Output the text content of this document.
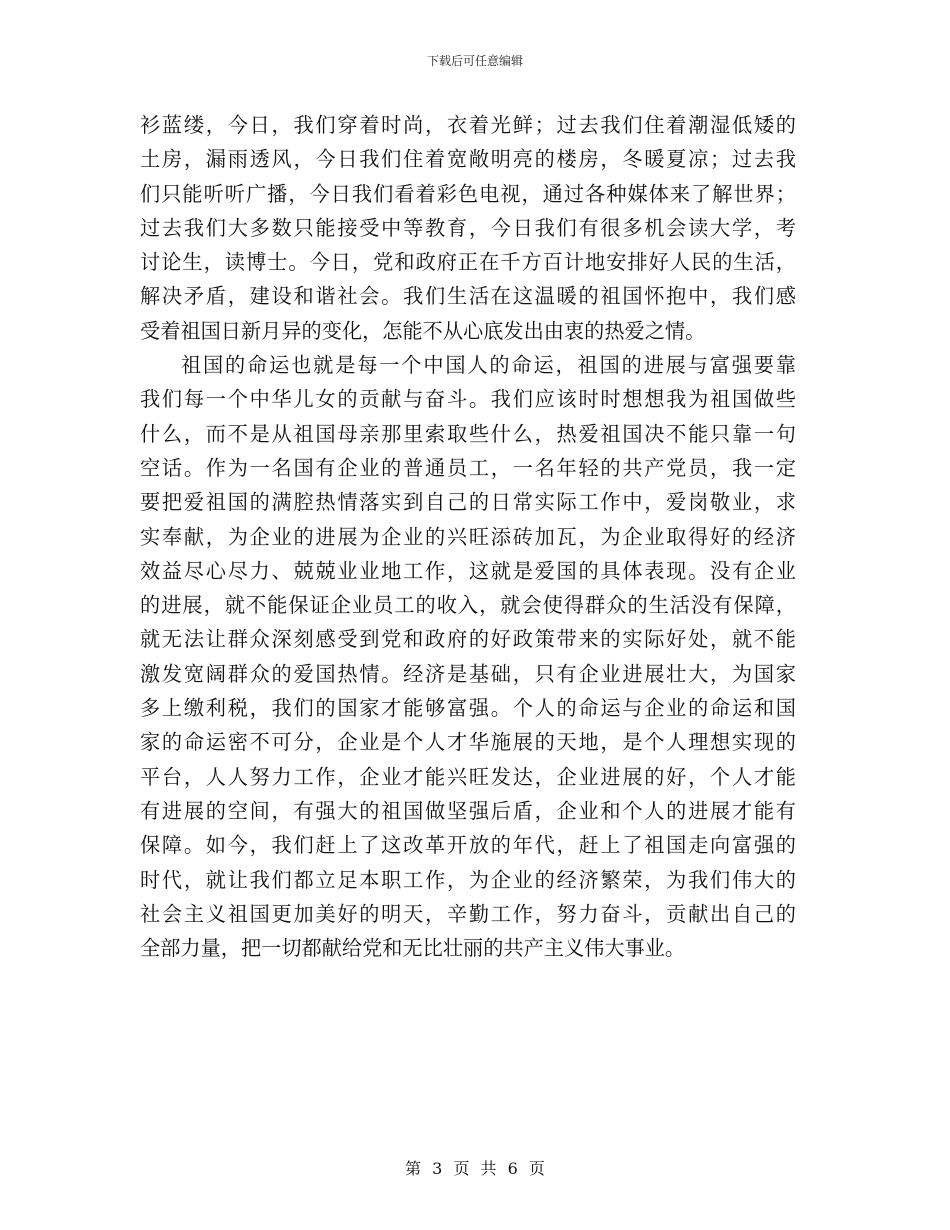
下载后可任意编辑
衫蓝缕，今日，我们穿着时尚，衣着光鲜；过去我们住着潮湿低矮的
土房，漏雨透风，今日我们住着宽敞明亮的楼房，冬暖夏凉；过去我
们只能听听广播，今日我们看着彩色电视，通过各种媒体来了解世界；
过去我们大多数只能接受中等教育，今日我们有很多机会读大学，考
讨论生，读博士。今日，党和政府正在千方百计地安排好人民的生活，
解决矛盾，建设和谐社会。我们生活在这温暖的祖国怀抱中，我们感
受着祖国日新月异的变化，怎能不从心底发出由衷的热爱之情。
祖国的命运也就是每一个中国人的命运，祖国的进展与富强要靠
我们每一个中华儿女的贡献与奋斗。我们应该时时想想我为祖国做些
什么，而不是从祖国母亲那里索取些什么，热爱祖国决不能只靠一句
空话。作为一名国有企业的普通员工，一名年轻的共产党员，我一定
要把爱祖国的满腔热情落实到自己的日常实际工作中，爱岗敬业，求
实奉献，为企业的进展为企业的兴旺添砖加瓦，为企业取得好的经济
效益尽心尽力、兢兢业业地工作，这就是爱国的具体表现。没有企业
的进展，就不能保证企业员工的收入，就会使得群众的生活没有保障，
就无法让群众深刻感受到党和政府的好政策带来的实际好处，就不能
激发宽阔群众的爱国热情。经济是基础，只有企业进展壮大，为国家
多上缴利税，我们的国家才能够富强。个人的命运与企业的命运和国
家的命运密不可分，企业是个人才华施展的天地，是个人理想实现的
平台，人人努力工作，企业才能兴旺发达，企业进展的好，个人才能
有进展的空间，有强大的祖国做坚强后盾，企业和个人的进展才能有
保障。如今，我们赶上了这改革开放的年代，赶上了祖国走向富强的
时代，就让我们都立足本职工作，为企业的经济繁荣，为我们伟大的
社会主义祖国更加美好的明天，辛勤工作，努力奋斗，贡献出自己的
全部力量，把一切都献给党和无比壮丽的共产主义伟大事业。
第 3 页 共 6 页
